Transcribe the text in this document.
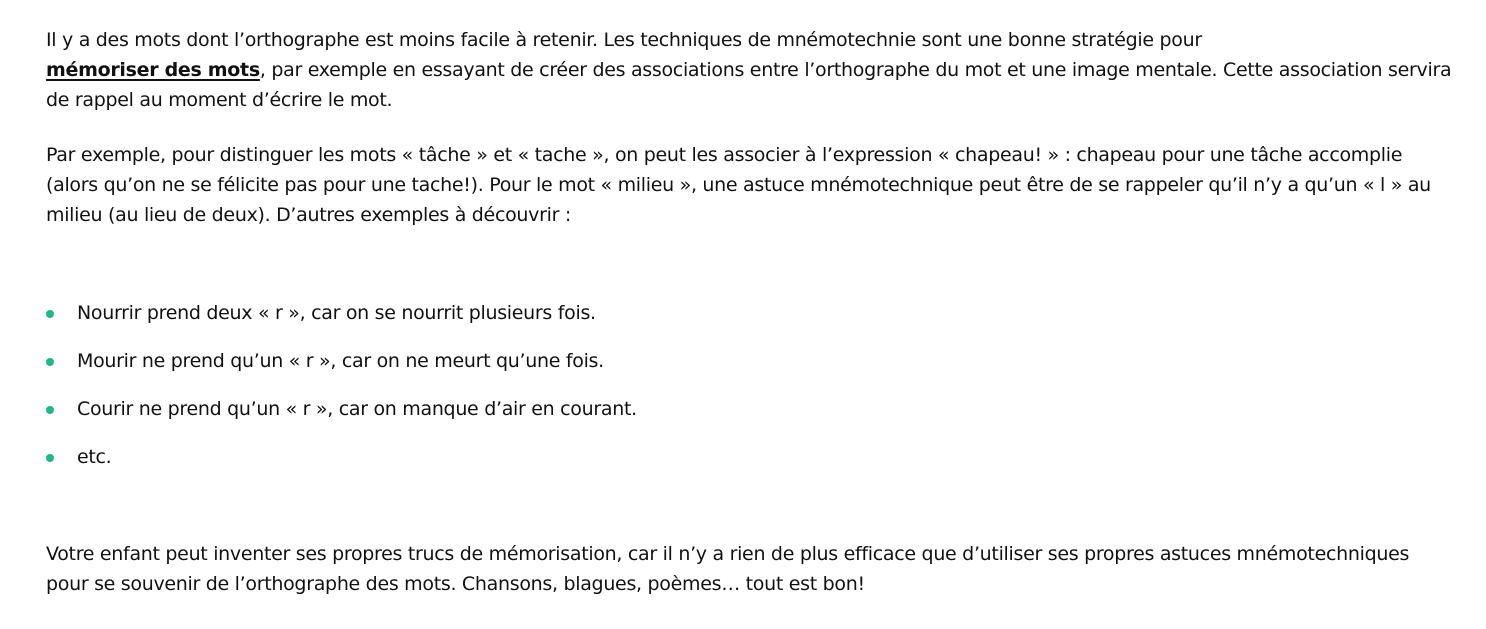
Il y a des mots dont l’orthographe est moins facile à retenir. Les techniques de mnémotechnie sont une bonne stratégie pour
mémoriser des mots, par exemple en essayant de créer des associations entre l’orthographe du mot et une image mentale. Cette association servira de rappel au moment d’écrire le mot.

Par exemple, pour distinguer les mots « tâche » et « tache », on peut les associer à l’expression « chapeau! » : chapeau pour une tâche accomplie (alors qu’on ne se félicite pas pour une tache!). Pour le mot « milieu », une astuce mnémotechnique peut être de se rappeler qu’il n’y a qu’un « l » au milieu (au lieu de deux). D’autres exemples à découvrir :

Nourrir prend deux « r », car on se nourrit plusieurs fois.
Mourir ne prend qu’un « r », car on ne meurt qu’une fois.
Courir ne prend qu’un « r », car on manque d’air en courant.
etc.

Votre enfant peut inventer ses propres trucs de mémorisation, car il n’y a rien de plus efficace que d’utiliser ses propres astuces mnémotechniques pour se souvenir de l’orthographe des mots. Chansons, blagues, poèmes… tout est bon!
